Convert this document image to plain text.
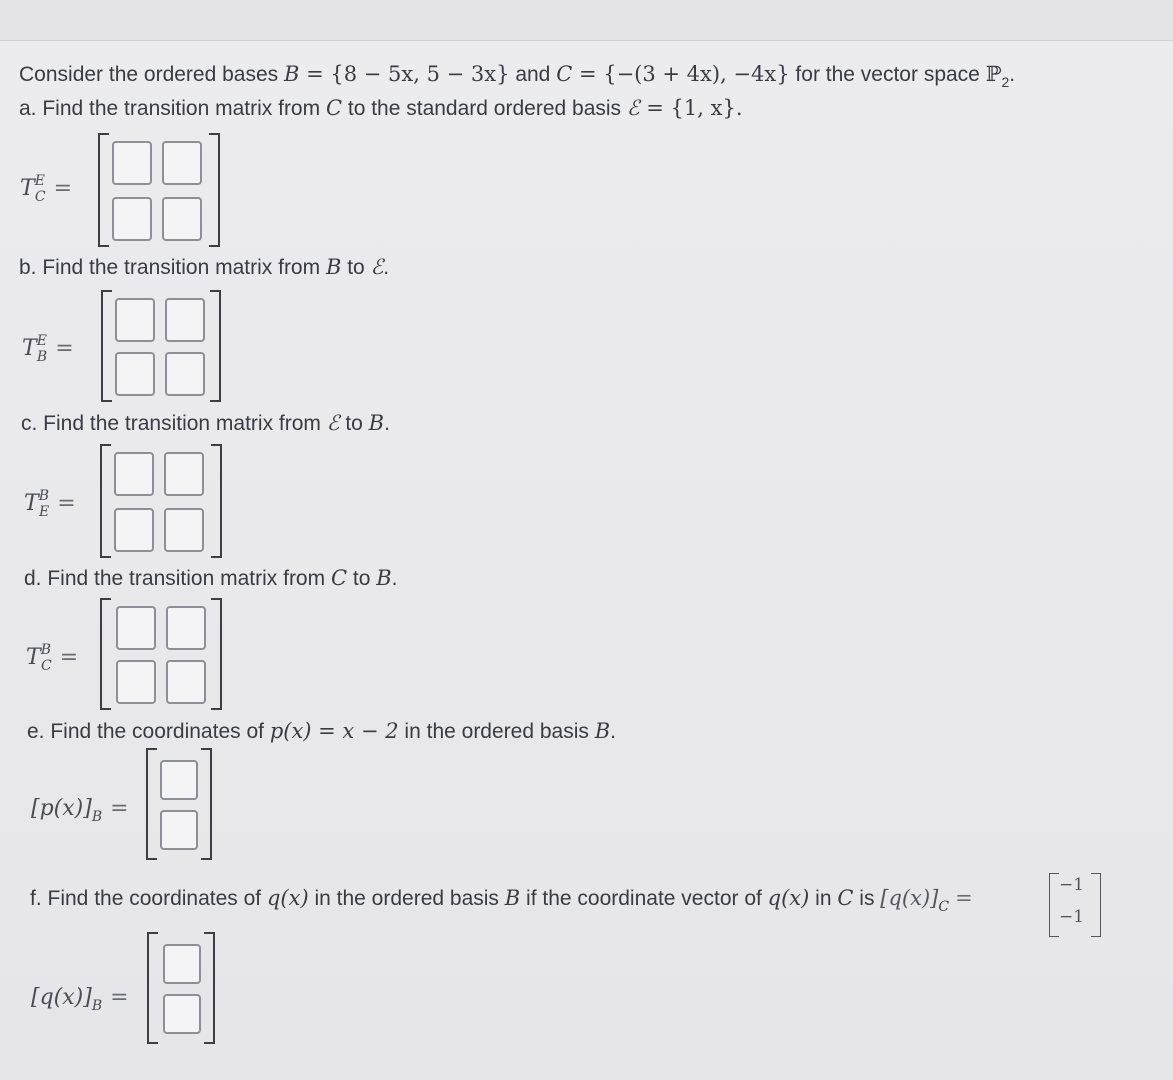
Consider the ordered bases B = {8 − 5x, 5 − 3x} and C = {−(3 + 4x), −4x} for the vector space ℙ$_2$.
a. Find the transition matrix from C to the standard ordered basis ℰ = {1, x}.
$T^E_C$ =
b. Find the transition matrix from B to ℰ.
$T^E_B$ =
c. Find the transition matrix from ℰ to B.
$T^B_E$ =
d. Find the transition matrix from C to B.
$T^B_C$ =
e. Find the coordinates of p(x) = x − 2 in the ordered basis B.
$[p(x)]_B$ =
f. Find the coordinates of q(x) in the ordered basis B if the coordinate vector of q(x) in C is $[q(x)]_C$ =
−1
−1
$[q(x)]_B$ =
